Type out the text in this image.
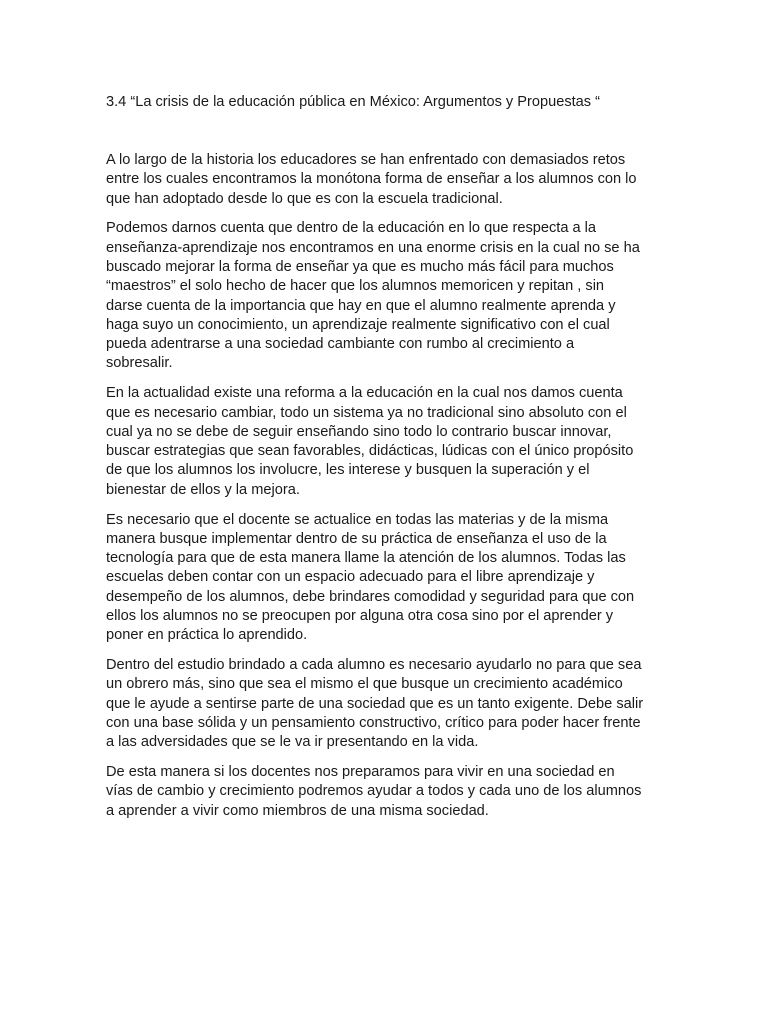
3.4 “La crisis de la educación pública en México: Argumentos y Propuestas “

A lo largo de la historia los educadores se han enfrentado con demasiados retos
entre los cuales encontramos la monótona forma de enseñar a los alumnos con lo
que han adoptado desde lo que es con la escuela tradicional.

Podemos darnos cuenta que dentro de la educación en lo que respecta a la
enseñanza-aprendizaje nos encontramos en una enorme crisis en la cual no se ha
buscado mejorar la forma de enseñar ya que es mucho más fácil para muchos
“maestros” el solo hecho de hacer que los alumnos memoricen y repitan , sin
darse cuenta de la importancia que hay en que el alumno realmente aprenda y
haga suyo un conocimiento, un aprendizaje realmente significativo con el cual
pueda adentrarse a una sociedad cambiante con rumbo al crecimiento a
sobresalir.

En la actualidad existe una reforma a la educación en la cual nos damos cuenta
que es necesario cambiar, todo un sistema ya no tradicional sino absoluto con el
cual ya no se debe de seguir enseñando sino todo lo contrario buscar innovar,
buscar estrategias que sean favorables, didácticas, lúdicas con el único propósito
de que los alumnos los involucre, les interese y busquen la superación y el
bienestar de ellos y la mejora.

Es necesario que el docente se actualice en todas las materias y de la misma
manera busque implementar dentro de su práctica de enseñanza el uso de la
tecnología para que de esta manera llame la atención de los alumnos. Todas las
escuelas deben contar con un espacio adecuado para el libre aprendizaje y
desempeño de los alumnos, debe brindares comodidad y seguridad para que con
ellos los alumnos no se preocupen por alguna otra cosa sino por el aprender y
poner en práctica lo aprendido.

Dentro del estudio brindado a cada alumno es necesario ayudarlo no para que sea
un obrero más, sino que sea el mismo el que busque un crecimiento académico
que le ayude a sentirse parte de una sociedad que es un tanto exigente. Debe salir
con una base sólida y un pensamiento constructivo, crítico para poder hacer frente
a las adversidades que se le va ir presentando en la vida.

De esta manera si los docentes nos preparamos para vivir en una sociedad en
vías de cambio y crecimiento podremos ayudar a todos y cada uno de los alumnos
a aprender a vivir como miembros de una misma sociedad.
